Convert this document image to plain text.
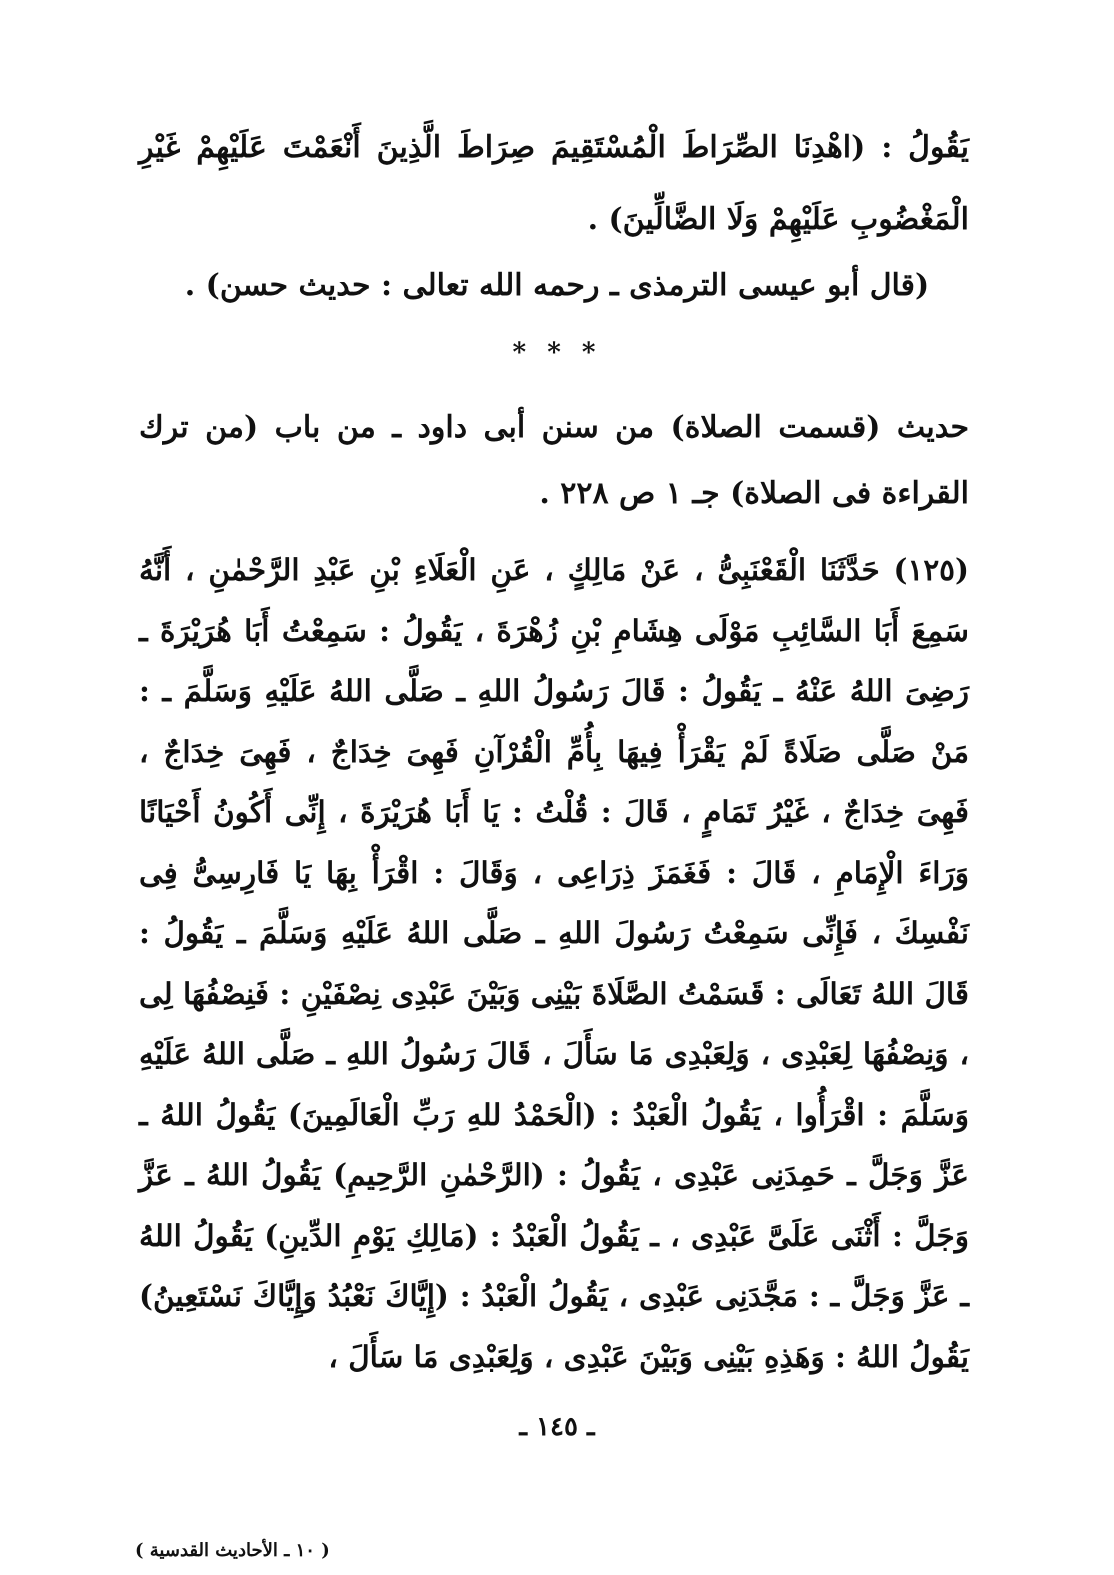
يَقُولُ : (اهْدِنَا الصِّرَاطَ الْمُسْتَقِيمَ صِرَاطَ الَّذِينَ أَنْعَمْتَ عَلَيْهِمْ غَيْرِ الْمَغْضُوبِ عَلَيْهِمْ وَلَا الضَّالِّينَ) .

(قال أبو عيسى الترمذى ـ رحمه الله تعالى : حديث حسن) .
* * *

حديث (قسمت الصلاة) من سنن أبى داود ـ من باب (من ترك القراءة فى الصلاة) جـ ١ ص ٢٢٨ .

(١٢٥) حَدَّثَنَا الْقَعْنَبِىُّ ، عَنْ مَالِكٍ ، عَنِ الْعَلَاءِ بْنِ عَبْدِ الرَّحْمٰنِ ، أَنَّهُ سَمِعَ أَبَا السَّائِبِ مَوْلَى هِشَامِ بْنِ زُهْرَةَ ، يَقُولُ : سَمِعْتُ أَبَا هُرَيْرَةَ ـ رَضِىَ اللهُ عَنْهُ ـ يَقُولُ : قَالَ رَسُولُ اللهِ ـ صَلَّى اللهُ عَلَيْهِ وَسَلَّمَ ـ : مَنْ صَلَّى صَلَاةً لَمْ يَقْرَأْ فِيهَا بِأُمِّ الْقُرْآنِ فَهِىَ خِدَاجٌ ، فَهِىَ خِدَاجٌ ، فَهِىَ خِدَاجٌ ، غَيْرُ تَمَامٍ ، قَالَ : قُلْتُ : يَا أَبَا هُرَيْرَةَ ، إِنِّى أَكُونُ أَحْيَانًا وَرَاءَ الْإِمَامِ ، قَالَ : فَغَمَزَ ذِرَاعِى ، وَقَالَ : اقْرَأْ بِهَا يَا فَارِسِىُّ فِى نَفْسِكَ ، فَإِنِّى سَمِعْتُ رَسُولَ اللهِ ـ صَلَّى اللهُ عَلَيْهِ وَسَلَّمَ ـ يَقُولُ : قَالَ اللهُ تَعَالَى : قَسَمْتُ الصَّلَاةَ بَيْنِى وَبَيْنَ عَبْدِى نِصْفَيْنِ : فَنِصْفُهَا لِى ، وَنِصْفُهَا لِعَبْدِى ، وَلِعَبْدِى مَا سَأَلَ ، قَالَ رَسُولُ اللهِ ـ صَلَّى اللهُ عَلَيْهِ وَسَلَّمَ : اقْرَأُوا ، يَقُولُ الْعَبْدُ : (الْحَمْدُ للهِ رَبِّ الْعَالَمِينَ) يَقُولُ اللهُ ـ عَزَّ وَجَلَّ ـ حَمِدَنِى عَبْدِى ، يَقُولُ : (الرَّحْمٰنِ الرَّحِيمِ) يَقُولُ اللهُ ـ عَزَّ وَجَلَّ : أَثْنَى عَلَىَّ عَبْدِى ، ـ يَقُولُ الْعَبْدُ : (مَالِكِ يَوْمِ الدِّينِ) يَقُولُ اللهُ ـ عَزَّ وَجَلَّ ـ : مَجَّدَنِى عَبْدِى ، يَقُولُ الْعَبْدُ : (إِيَّاكَ نَعْبُدُ وَإِيَّاكَ نَسْتَعِينُ) يَقُولُ اللهُ : وَهَذِهِ بَيْنِى وَبَيْنَ عَبْدِى ، وَلِعَبْدِى مَا سَأَلَ ،

ـ ١٤٥ ـ
( ١٠ ـ الأحاديث القدسية )
